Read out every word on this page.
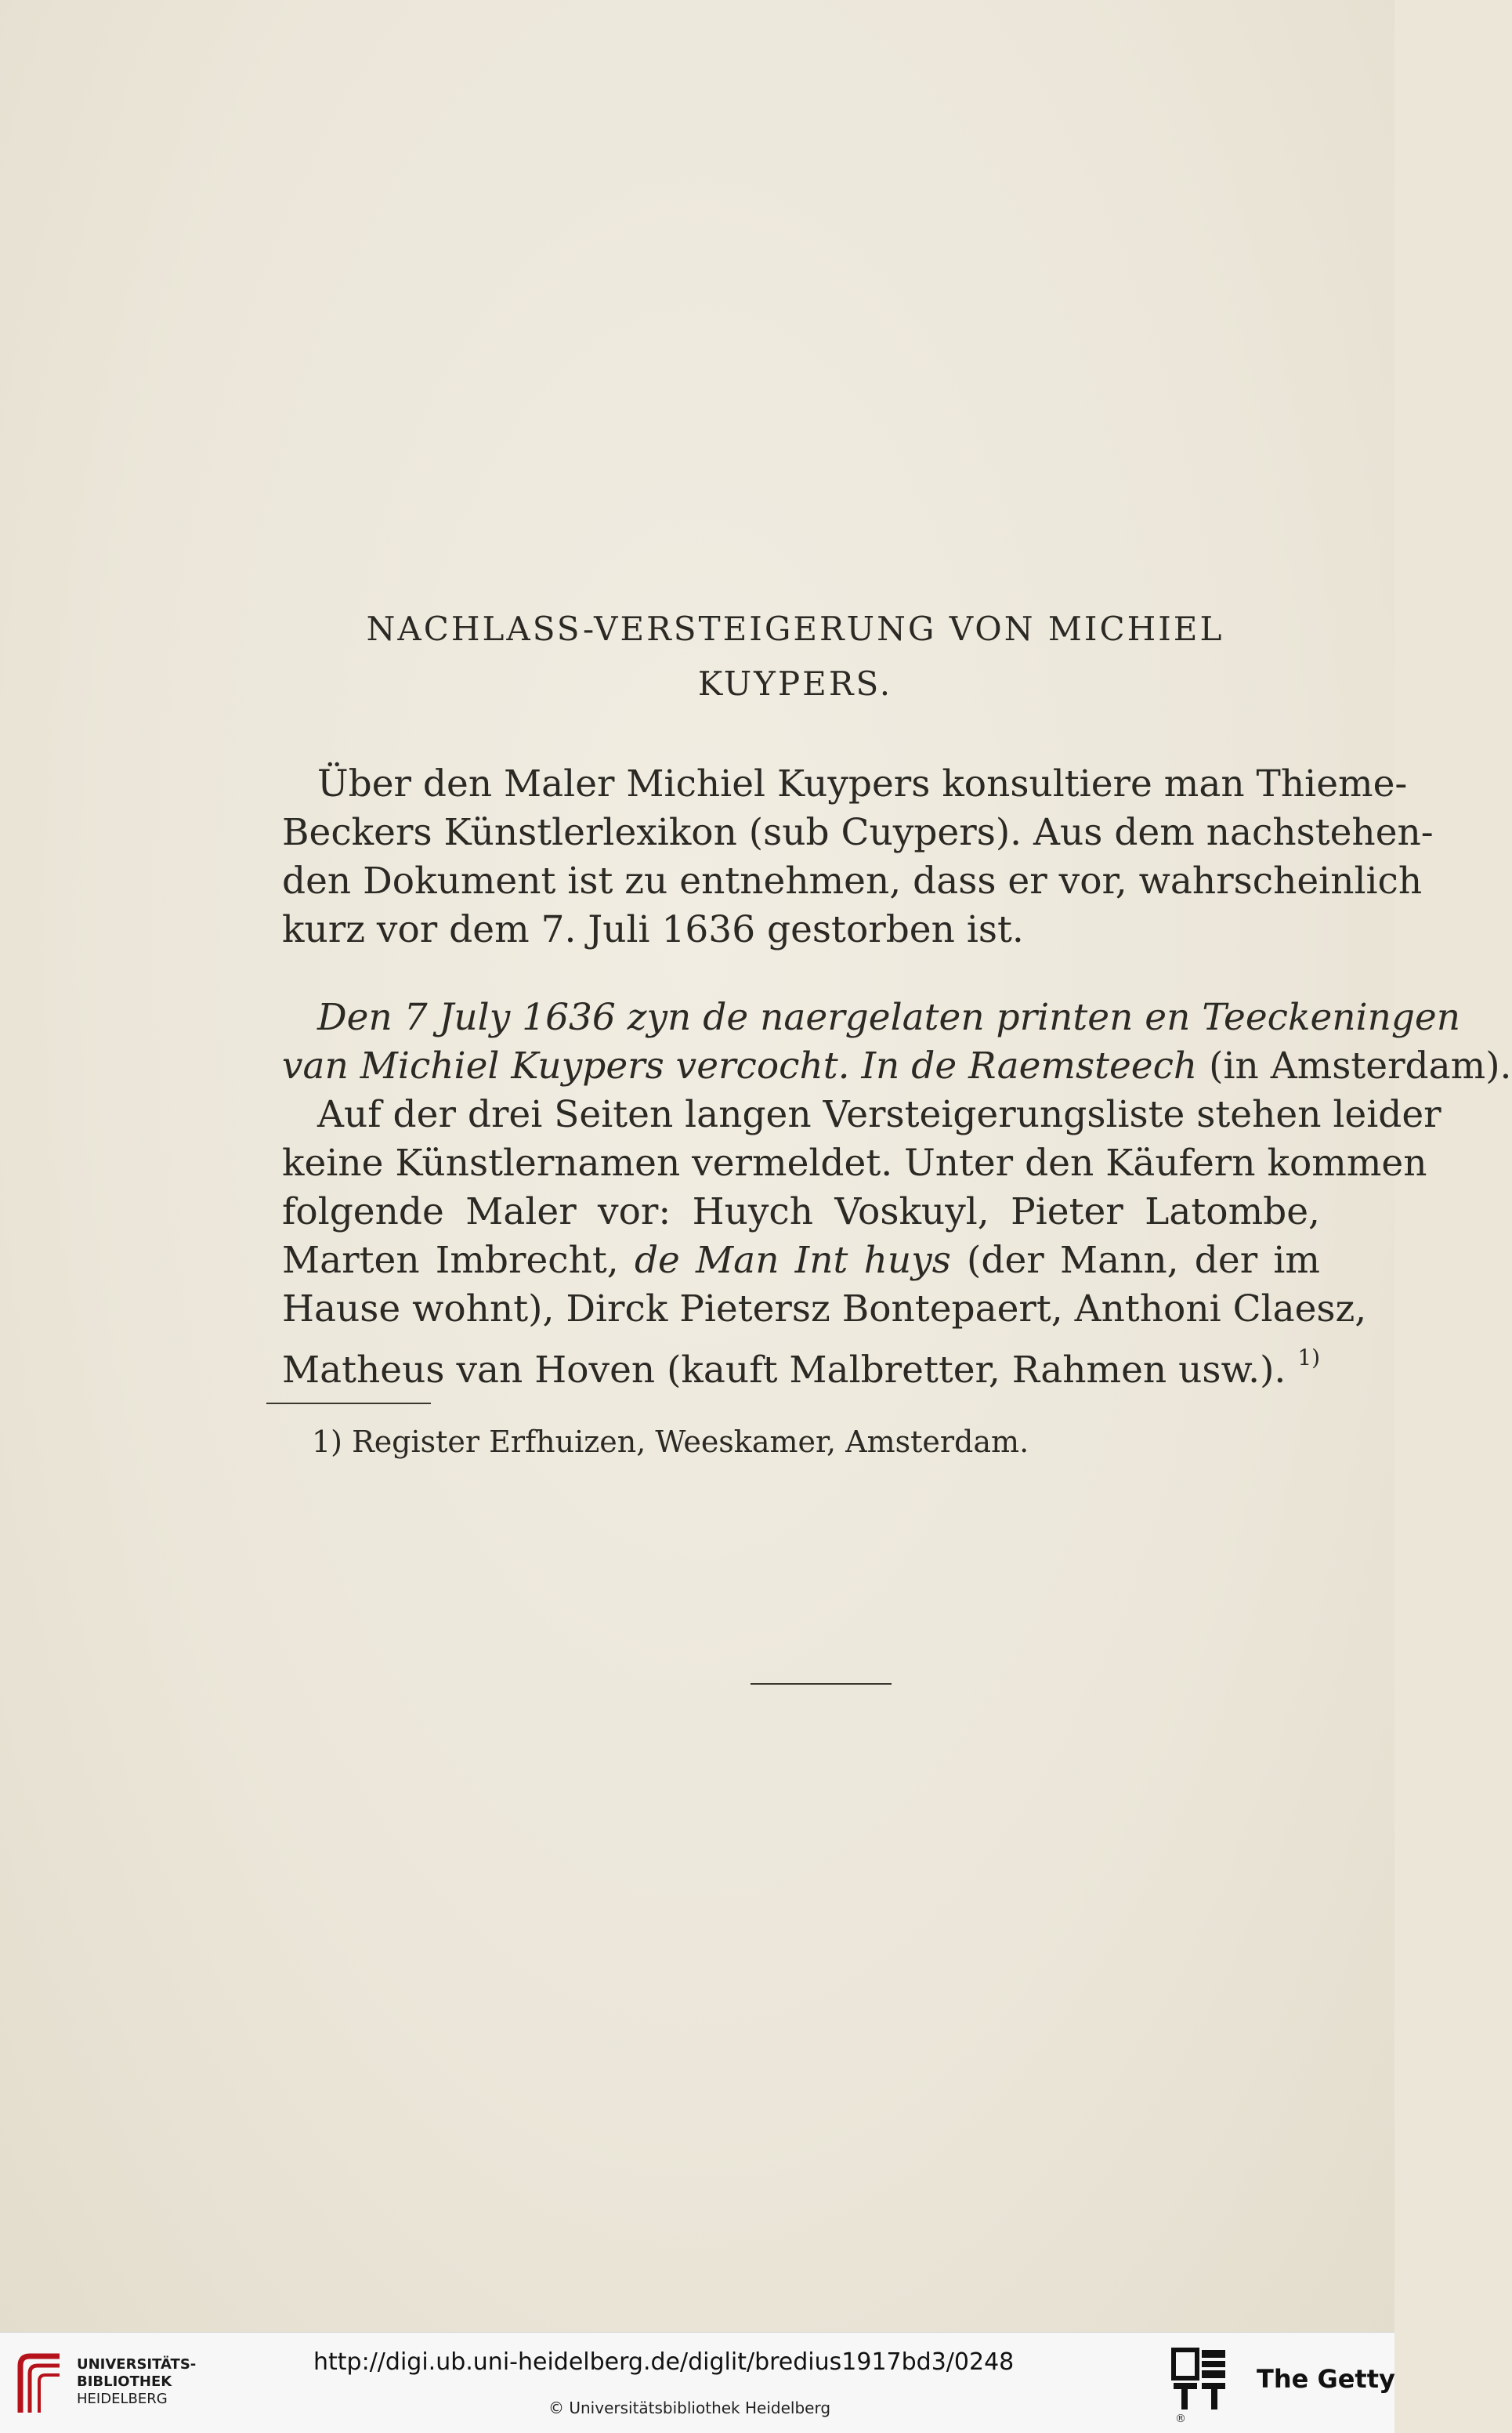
NACHLASS-VERSTEIGERUNG VON MICHIEL
KUYPERS.
Über den Maler Michiel Kuypers konsultiere man Thieme-
Beckers Künstlerlexikon (sub Cuypers). Aus dem nachstehen-
den Dokument ist zu entnehmen, dass er vor, wahrscheinlich
kurz vor dem 7. Juli 1636 gestorben ist.
Den 7 July 1636 zyn de naergelaten printen en Teeckeningen
van Michiel Kuypers vercocht. In de Raemsteech (in Amsterdam).
Auf der drei Seiten langen Versteigerungsliste stehen leider
keine Künstlernamen vermeldet. Unter den Käufern kommen
folgende Maler vor: Huych Voskuyl, Pieter Latombe,
Marten Imbrecht, de Man Int huys (der Mann, der im
Hause wohnt), Dirck Pietersz Bontepaert, Anthoni Claesz,
Matheus van Hoven (kauft Malbretter, Rahmen usw.). $^{1)}$
1) Register Erfhuizen, Weeskamer, Amsterdam.
UNIVERSITÄTS-
BIBLIOTHEK
HEIDELBERG
http://digi.ub.uni-heidelberg.de/diglit/bredius1917bd3/0248
© Universitätsbibliothek Heidelberg
®
The Getty
